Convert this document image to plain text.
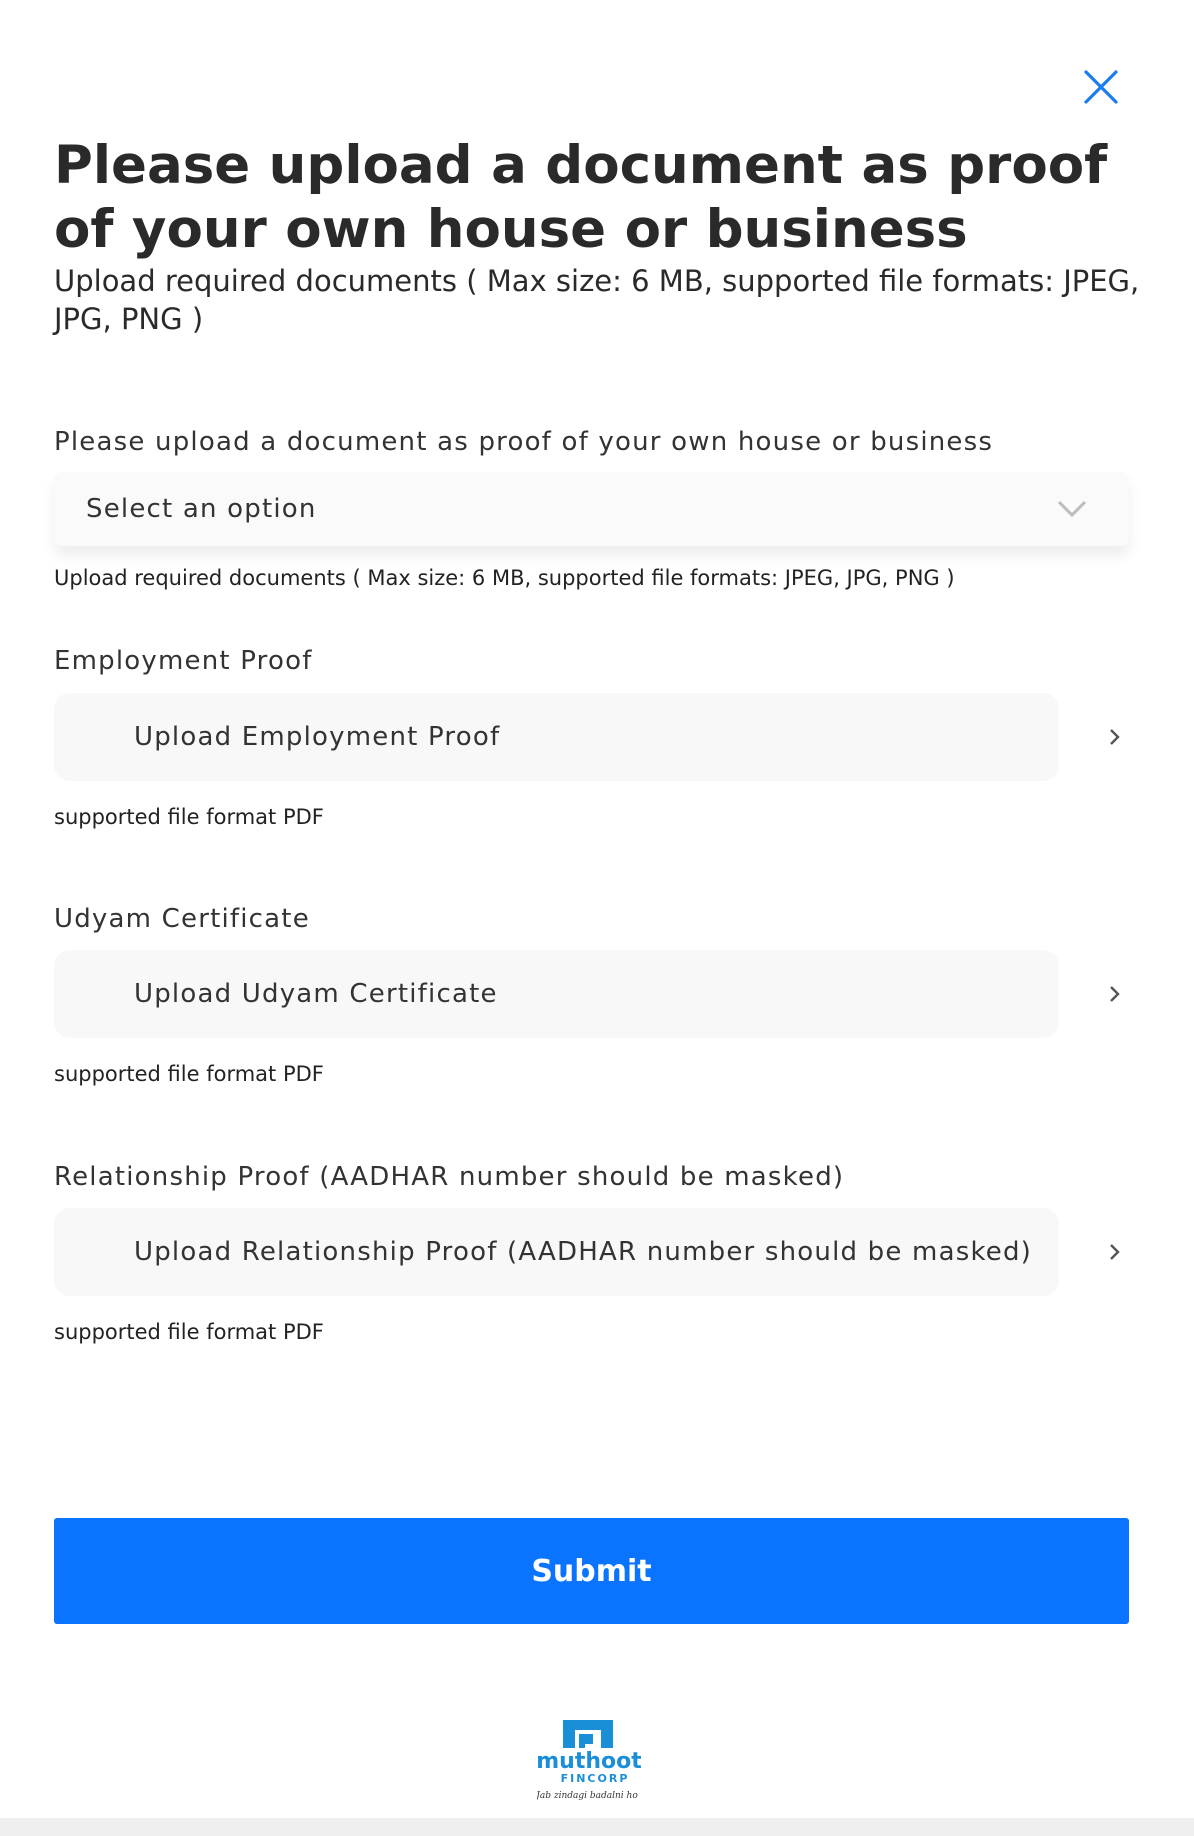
Please upload a document as proof of your own house or business

Upload required documents ( Max size: 6 MB, supported file formats: JPEG, JPG, PNG )

Please upload a document as proof of your own house or business
Select an option
Upload required documents ( Max size: 6 MB, supported file formats: JPEG, JPG, PNG )
Employment Proof
Upload Employment Proof
supported file format PDF
Udyam Certificate
Upload Udyam Certificate
supported file format PDF
Relationship Proof (AADHAR number should be masked)
Upload Relationship Proof (AADHAR number should be masked)
supported file format PDF
Submit
muthoot
FINCORP
Jab zindagi badalni ho
